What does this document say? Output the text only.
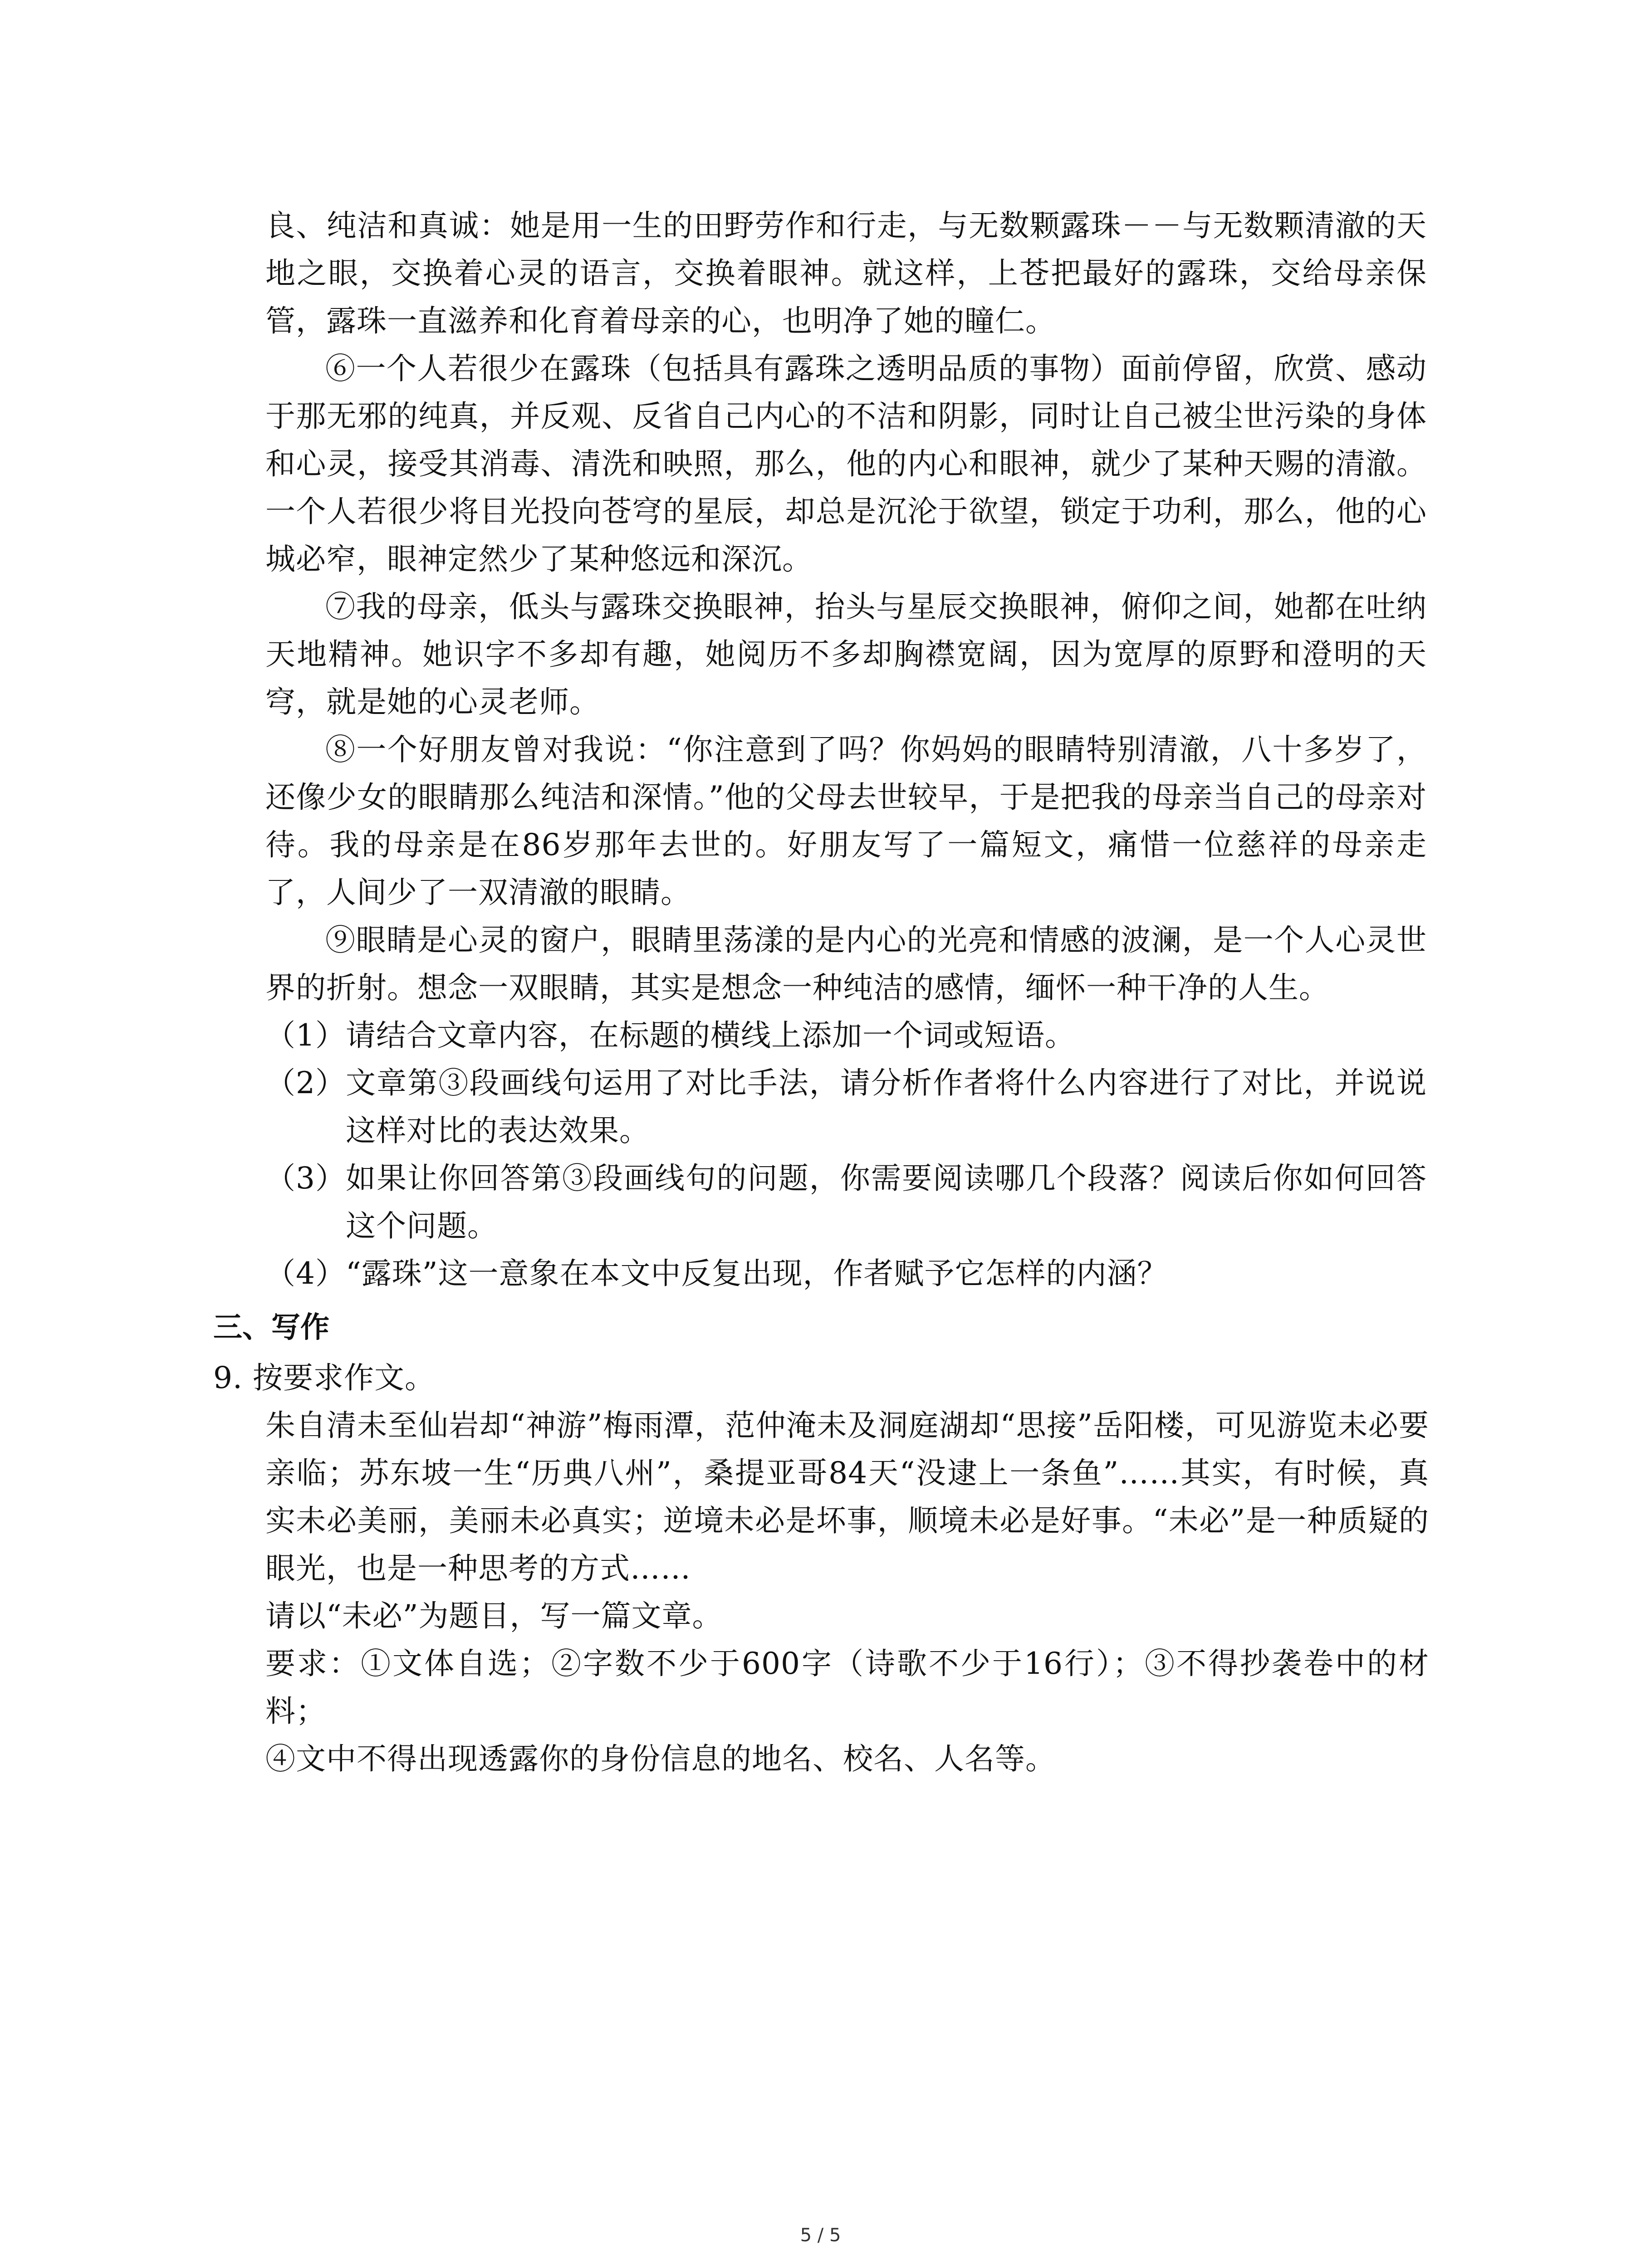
良、纯洁和真诚：她是用一生的田野劳作和行走，与无数颗露珠－－与无数颗清澈的天地之眼，交换着心灵的语言，交换着眼神。就这样，上苍把最好的露珠，交给母亲保管，露珠一直滋养和化育着母亲的心，也明净了她的瞳仁。

⑥一个人若很少在露珠（包括具有露珠之透明品质的事物）面前停留，欣赏、感动于那无邪的纯真，并反观、反省自己内心的不洁和阴影，同时让自己被尘世污染的身体和心灵，接受其消毒、清洗和映照，那么，他的内心和眼神，就少了某种天赐的清澈。一个人若很少将目光投向苍穹的星辰，却总是沉沦于欲望，锁定于功利，那么，他的心城必窄，眼神定然少了某种悠远和深沉。

⑦我的母亲，低头与露珠交换眼神，抬头与星辰交换眼神，俯仰之间，她都在吐纳天地精神。她识字不多却有趣，她阅历不多却胸襟宽阔，因为宽厚的原野和澄明的天穹，就是她的心灵老师。

⑧一个好朋友曾对我说：“你注意到了吗？你妈妈的眼睛特别清澈，八十多岁了，还像少女的眼睛那么纯洁和深情。”他的父母去世较早，于是把我的母亲当自己的母亲对待。我的母亲是在86岁那年去世的。好朋友写了一篇短文，痛惜一位慈祥的母亲走了，人间少了一双清澈的眼睛。

⑨眼睛是心灵的窗户，眼睛里荡漾的是内心的光亮和情感的波澜，是一个人心灵世界的折射。想念一双眼睛，其实是想念一种纯洁的感情，缅怀一种干净的人生。

（1） 请结合文章内容，在标题的横线上添加一个词或短语。
（2） 文章第③段画线句运用了对比手法，请分析作者将什么内容进行了对比，并说说这样对比的表达效果。
（3） 如果让你回答第③段画线句的问题，你需要阅读哪几个段落？阅读后你如何回答这个问题。
（4） “露珠”这一意象在本文中反复出现，作者赋予它怎样的内涵？
三、写作

9. 按要求作文。

朱自清未至仙岩却“神游”梅雨潭，范仲淹未及洞庭湖却“思接”岳阳楼，可见游览未必要亲临；苏东坡一生“历典八州”，桑提亚哥84天“没逮上一条鱼”……其实，有时候，真实未必美丽，美丽未必真实；逆境未必是坏事，顺境未必是好事。“未必”是一种质疑的眼光，也是一种思考的方式……

请以“未必”为题目，写一篇文章。

要求：①文体自选；②字数不少于600字（诗歌不少于16行）；③不得抄袭卷中的材料；

④文中不得出现透露你的身份信息的地名、校名、人名等。

5 / 5
